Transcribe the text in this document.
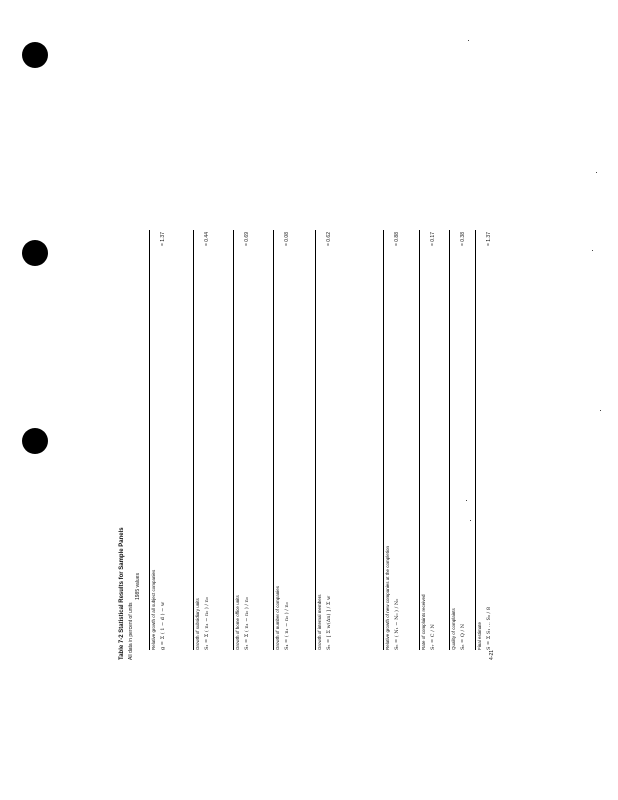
Table 7-2 Statistical Results for Sample Panels All data in percent of units
1985 values Relative growth of all subject companies g = Σ ( 1 − d ) − w
= 1.37
Growth of subsidiary units S₂ = Σ ( n₁ − n₀ ) / n₀
= 0.44
Growth of home office units S₃ = Σ ( n₁ − n₀ ) / n₀
= 0.69
Growth of number of companies S₄ = ( n₁ − n₀ ) / n₀
= 0.08
Growth of internal members S₅ = [ Σ w(Δn) ] / Σ w
= 0.62
Relative growth of new companies at the completion S₆ = ( N₁ − N₀ ) / N₀
= 0.88
Rate of complaints received S₇ = C / N
= 0.17
Quality of complaints S₈ = Q / N
= 0.38
Final estimate S = Σ S₁ … S₈ / 8
= 1.37
4-21
